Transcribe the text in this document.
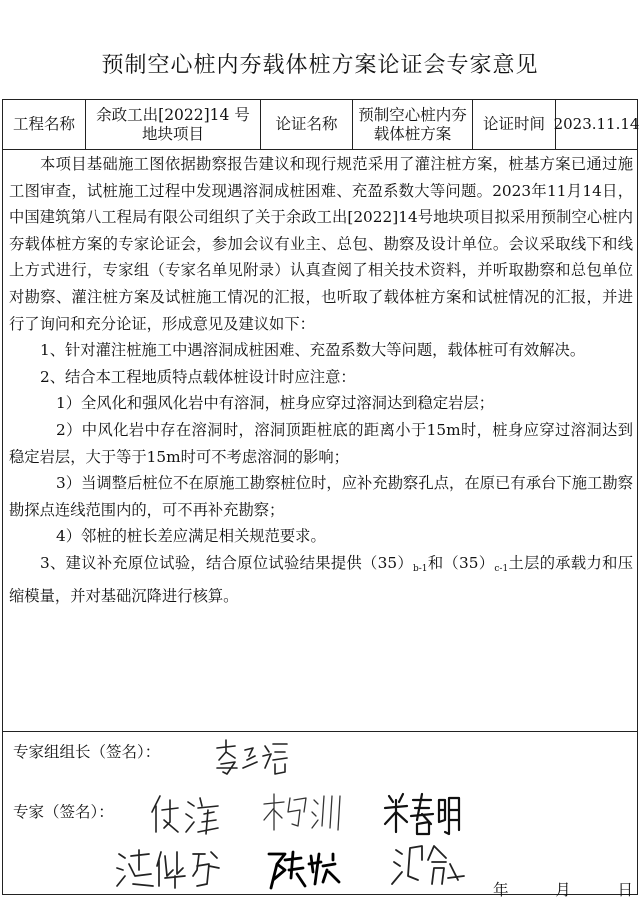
预制空心桩内夯载体桩方案论证会专家意见
工程名称
余政工出[2022]14 号地块项目
论证名称
预制空心桩内夯载体桩方案
论证时间 2023.11.14

本项目基础施工图依据勘察报告建议和现行规范采用了灌注桩方案，桩基方案已通过施工图审查，试桩施工过程中发现遇溶洞成桩困难、充盈系数大等问题。2023年11月14日，中国建筑第八工程局有限公司组织了关于余政工出[2022]14号地块项目拟采用预制空心桩内夯载体桩方案的专家论证会，参加会议有业主、总包、勘察及设计单位。会议采取线下和线上方式进行，专家组（专家名单见附录）认真查阅了相关技术资料，并听取勘察和总包单位对勘察、灌注桩方案及试桩施工情况的汇报，也听取了载体桩方案和试桩情况的汇报，并进行了询问和充分论证，形成意见及建议如下：

1、针对灌注桩施工中遇溶洞成桩困难、充盈系数大等问题，载体桩可有效解决。

2、结合本工程地质特点载体桩设计时应注意：

1）全风化和强风化岩中有溶洞，桩身应穿过溶洞达到稳定岩层；

2）中风化岩中存在溶洞时，溶洞顶距桩底的距离小于15m时，桩身应穿过溶洞达到稳定岩层，大于等于15m时可不考虑溶洞的影响；

3）当调整后桩位不在原施工勘察桩位时，应补充勘察孔点，在原已有承台下施工勘察勘探点连线范围内的，可不再补充勘察；

4）邻桩的桩长差应满足相关规范要求。

3、建议补充原位试验，结合原位试验结果提供$(35)_{b-1}$和$(35)_{c-1}$土层的承载力和压缩模量，并对基础沉降进行核算。

专家组组长（签名）：
专家（签名）：
年	月	日
